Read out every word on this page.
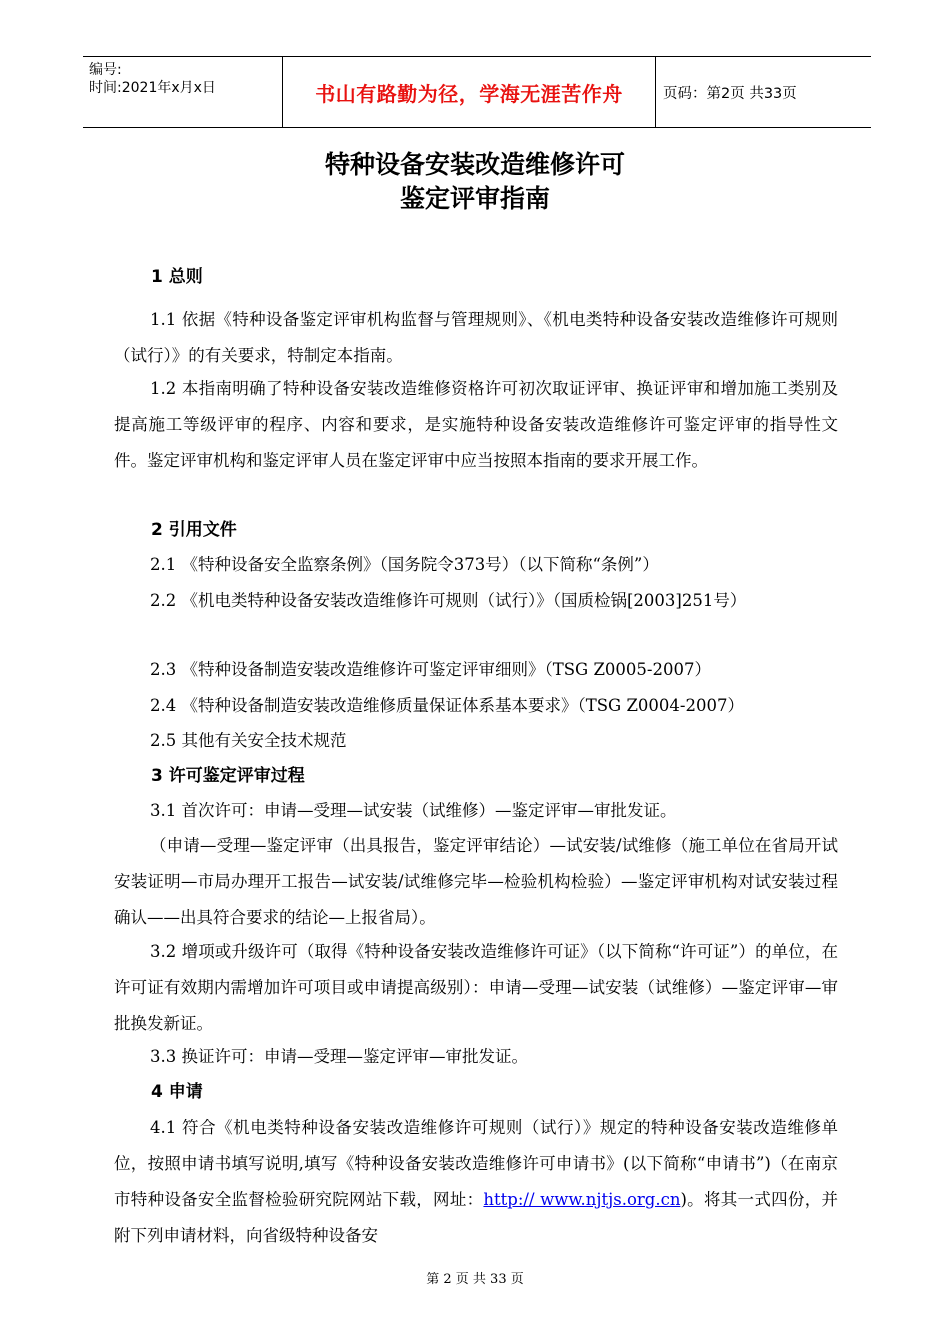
编号:
时间:2021年x月x日	书山有路勤为径，学海无涯苦作舟	页码：第2页 共33页
特种设备安装改造维修许可
鉴定评审指南
1 总则
1.1 依据《特种设备鉴定评审机构监督与管理规则》、《机电类特种设备安装改造维修许可规则（试行）》的有关要求，特制定本指南。
1.2 本指南明确了特种设备安装改造维修资格许可初次取证评审、换证评审和增加施工类别及提高施工等级评审的程序、内容和要求，是实施特种设备安装改造维修许可鉴定评审的指导性文件。鉴定评审机构和鉴定评审人员在鉴定评审中应当按照本指南的要求开展工作。
2 引用文件
2.1 《特种设备安全监察条例》（国务院令373号）（以下简称“条例”）
2.2 《机电类特种设备安装改造维修许可规则（试行）》（国质检锅[2003]251号）
2.3 《特种设备制造安装改造维修许可鉴定评审细则》（TSG Z0005-2007）
2.4 《特种设备制造安装改造维修质量保证体系基本要求》（TSG Z0004-2007）
2.5 其他有关安全技术规范
3 许可鉴定评审过程
3.1 首次许可：申请—受理—试安装（试维修）—鉴定评审—审批发证。
（申请—受理—鉴定评审（出具报告，鉴定评审结论）—试安装/试维修（施工单位在省局开试安装证明—市局办理开工报告—试安装/试维修完毕—检验机构检验）—鉴定评审机构对试安装过程确认——出具符合要求的结论—上报省局）。
3.2 增项或升级许可（取得《特种设备安装改造维修许可证》（以下简称“许可证”）的单位，在许可证有效期内需增加许可项目或申请提高级别）：申请—受理—试安装（试维修）—鉴定评审—审批换发新证。
3.3 换证许可：申请—受理—鉴定评审—审批发证。
4 申请
4.1 符合《机电类特种设备安装改造维修许可规则（试行）》规定的特种设备安装改造维修单位，按照申请书填写说明,填写《特种设备安装改造维修许可申请书》(以下简称“申请书”)（在南京市特种设备安全监督检验研究院网站下载，网址：http:// www.njtjs.org.cn)。将其一式四份，并附下列申请材料，向省级特种设备安
第 2 页 共 33 页
